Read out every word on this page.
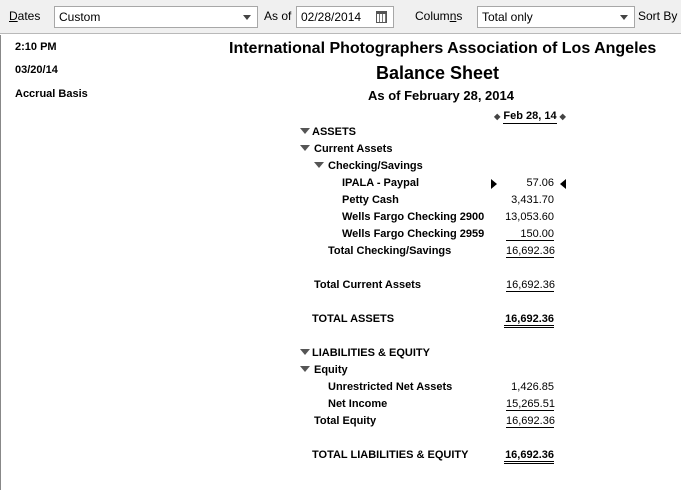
Dates	Custom	As of 02/28/2014	Columns	Total only	Sort By
2:10 PM
03/20/14
Accrual Basis
International Photographers Association of Los Angeles
Balance Sheet
As of February 28, 2014
◆ Feb 28, 14 ◆
ASSETS
Current Assets
Checking/Savings
IPALA - Paypal	57.06
Petty Cash	3,431.70
Wells Fargo Checking 2900	13,053.60
Wells Fargo Checking 2959	150.00
Total Checking/Savings	16,692.36
Total Current Assets	16,692.36
TOTAL ASSETS	16,692.36
LIABILITIES & EQUITY
Equity
Unrestricted Net Assets	1,426.85
Net Income	15,265.51
Total Equity	16,692.36
TOTAL LIABILITIES & EQUITY	16,692.36
